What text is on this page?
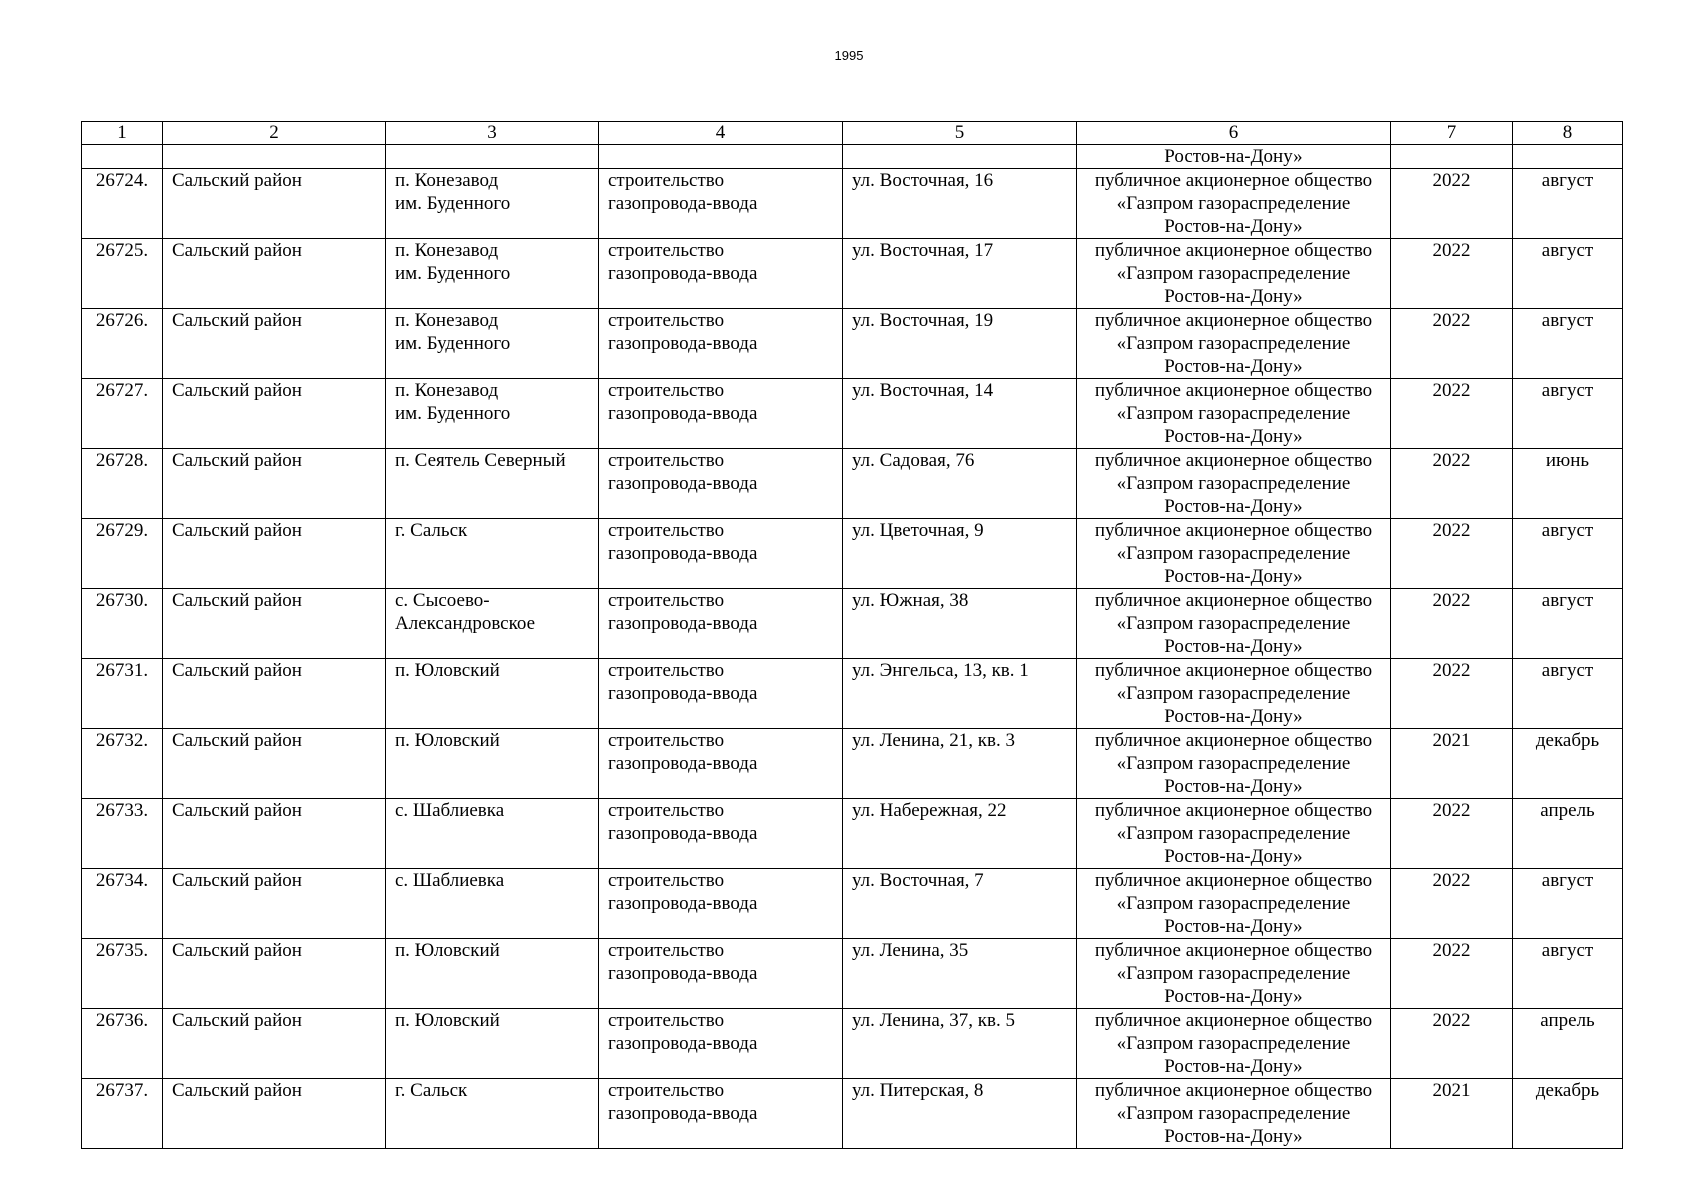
1995
1	2	3	4	5	6	7	8
					Ростов-на-Дону»		
26724.	Сальский район	п. Конезавод
им. Буденного	строительство
газопровода-ввода	ул. Восточная, 16	публичное акционерное общество
«Газпром газораспределение
Ростов-на-Дону»	2022	август
26725.	Сальский район	п. Конезавод
им. Буденного	строительство
газопровода-ввода	ул. Восточная, 17	публичное акционерное общество
«Газпром газораспределение
Ростов-на-Дону»	2022	август
26726.	Сальский район	п. Конезавод
им. Буденного	строительство
газопровода-ввода	ул. Восточная, 19	публичное акционерное общество
«Газпром газораспределение
Ростов-на-Дону»	2022	август
26727.	Сальский район	п. Конезавод
им. Буденного	строительство
газопровода-ввода	ул. Восточная, 14	публичное акционерное общество
«Газпром газораспределение
Ростов-на-Дону»	2022	август
26728.	Сальский район	п. Сеятель Северный	строительство
газопровода-ввода	ул. Садовая, 76	публичное акционерное общество
«Газпром газораспределение
Ростов-на-Дону»	2022	июнь
26729.	Сальский район	г. Сальск	строительство
газопровода-ввода	ул. Цветочная, 9	публичное акционерное общество
«Газпром газораспределение
Ростов-на-Дону»	2022	август
26730.	Сальский район	с. Сысоево-
Александровское	строительство
газопровода-ввода	ул. Южная, 38	публичное акционерное общество
«Газпром газораспределение
Ростов-на-Дону»	2022	август
26731.	Сальский район	п. Юловский	строительство
газопровода-ввода	ул. Энгельса, 13, кв. 1	публичное акционерное общество
«Газпром газораспределение
Ростов-на-Дону»	2022	август
26732.	Сальский район	п. Юловский	строительство
газопровода-ввода	ул. Ленина, 21, кв. 3	публичное акционерное общество
«Газпром газораспределение
Ростов-на-Дону»	2021	декабрь
26733.	Сальский район	с. Шаблиевка	строительство
газопровода-ввода	ул. Набережная, 22	публичное акционерное общество
«Газпром газораспределение
Ростов-на-Дону»	2022	апрель
26734.	Сальский район	с. Шаблиевка	строительство
газопровода-ввода	ул. Восточная, 7	публичное акционерное общество
«Газпром газораспределение
Ростов-на-Дону»	2022	август
26735.	Сальский район	п. Юловский	строительство
газопровода-ввода	ул. Ленина, 35	публичное акционерное общество
«Газпром газораспределение
Ростов-на-Дону»	2022	август
26736.	Сальский район	п. Юловский	строительство
газопровода-ввода	ул. Ленина, 37, кв. 5	публичное акционерное общество
«Газпром газораспределение
Ростов-на-Дону»	2022	апрель
26737.	Сальский район	г. Сальск	строительство
газопровода-ввода	ул. Питерская, 8	публичное акционерное общество
«Газпром газораспределение
Ростов-на-Дону»	2021	декабрь
